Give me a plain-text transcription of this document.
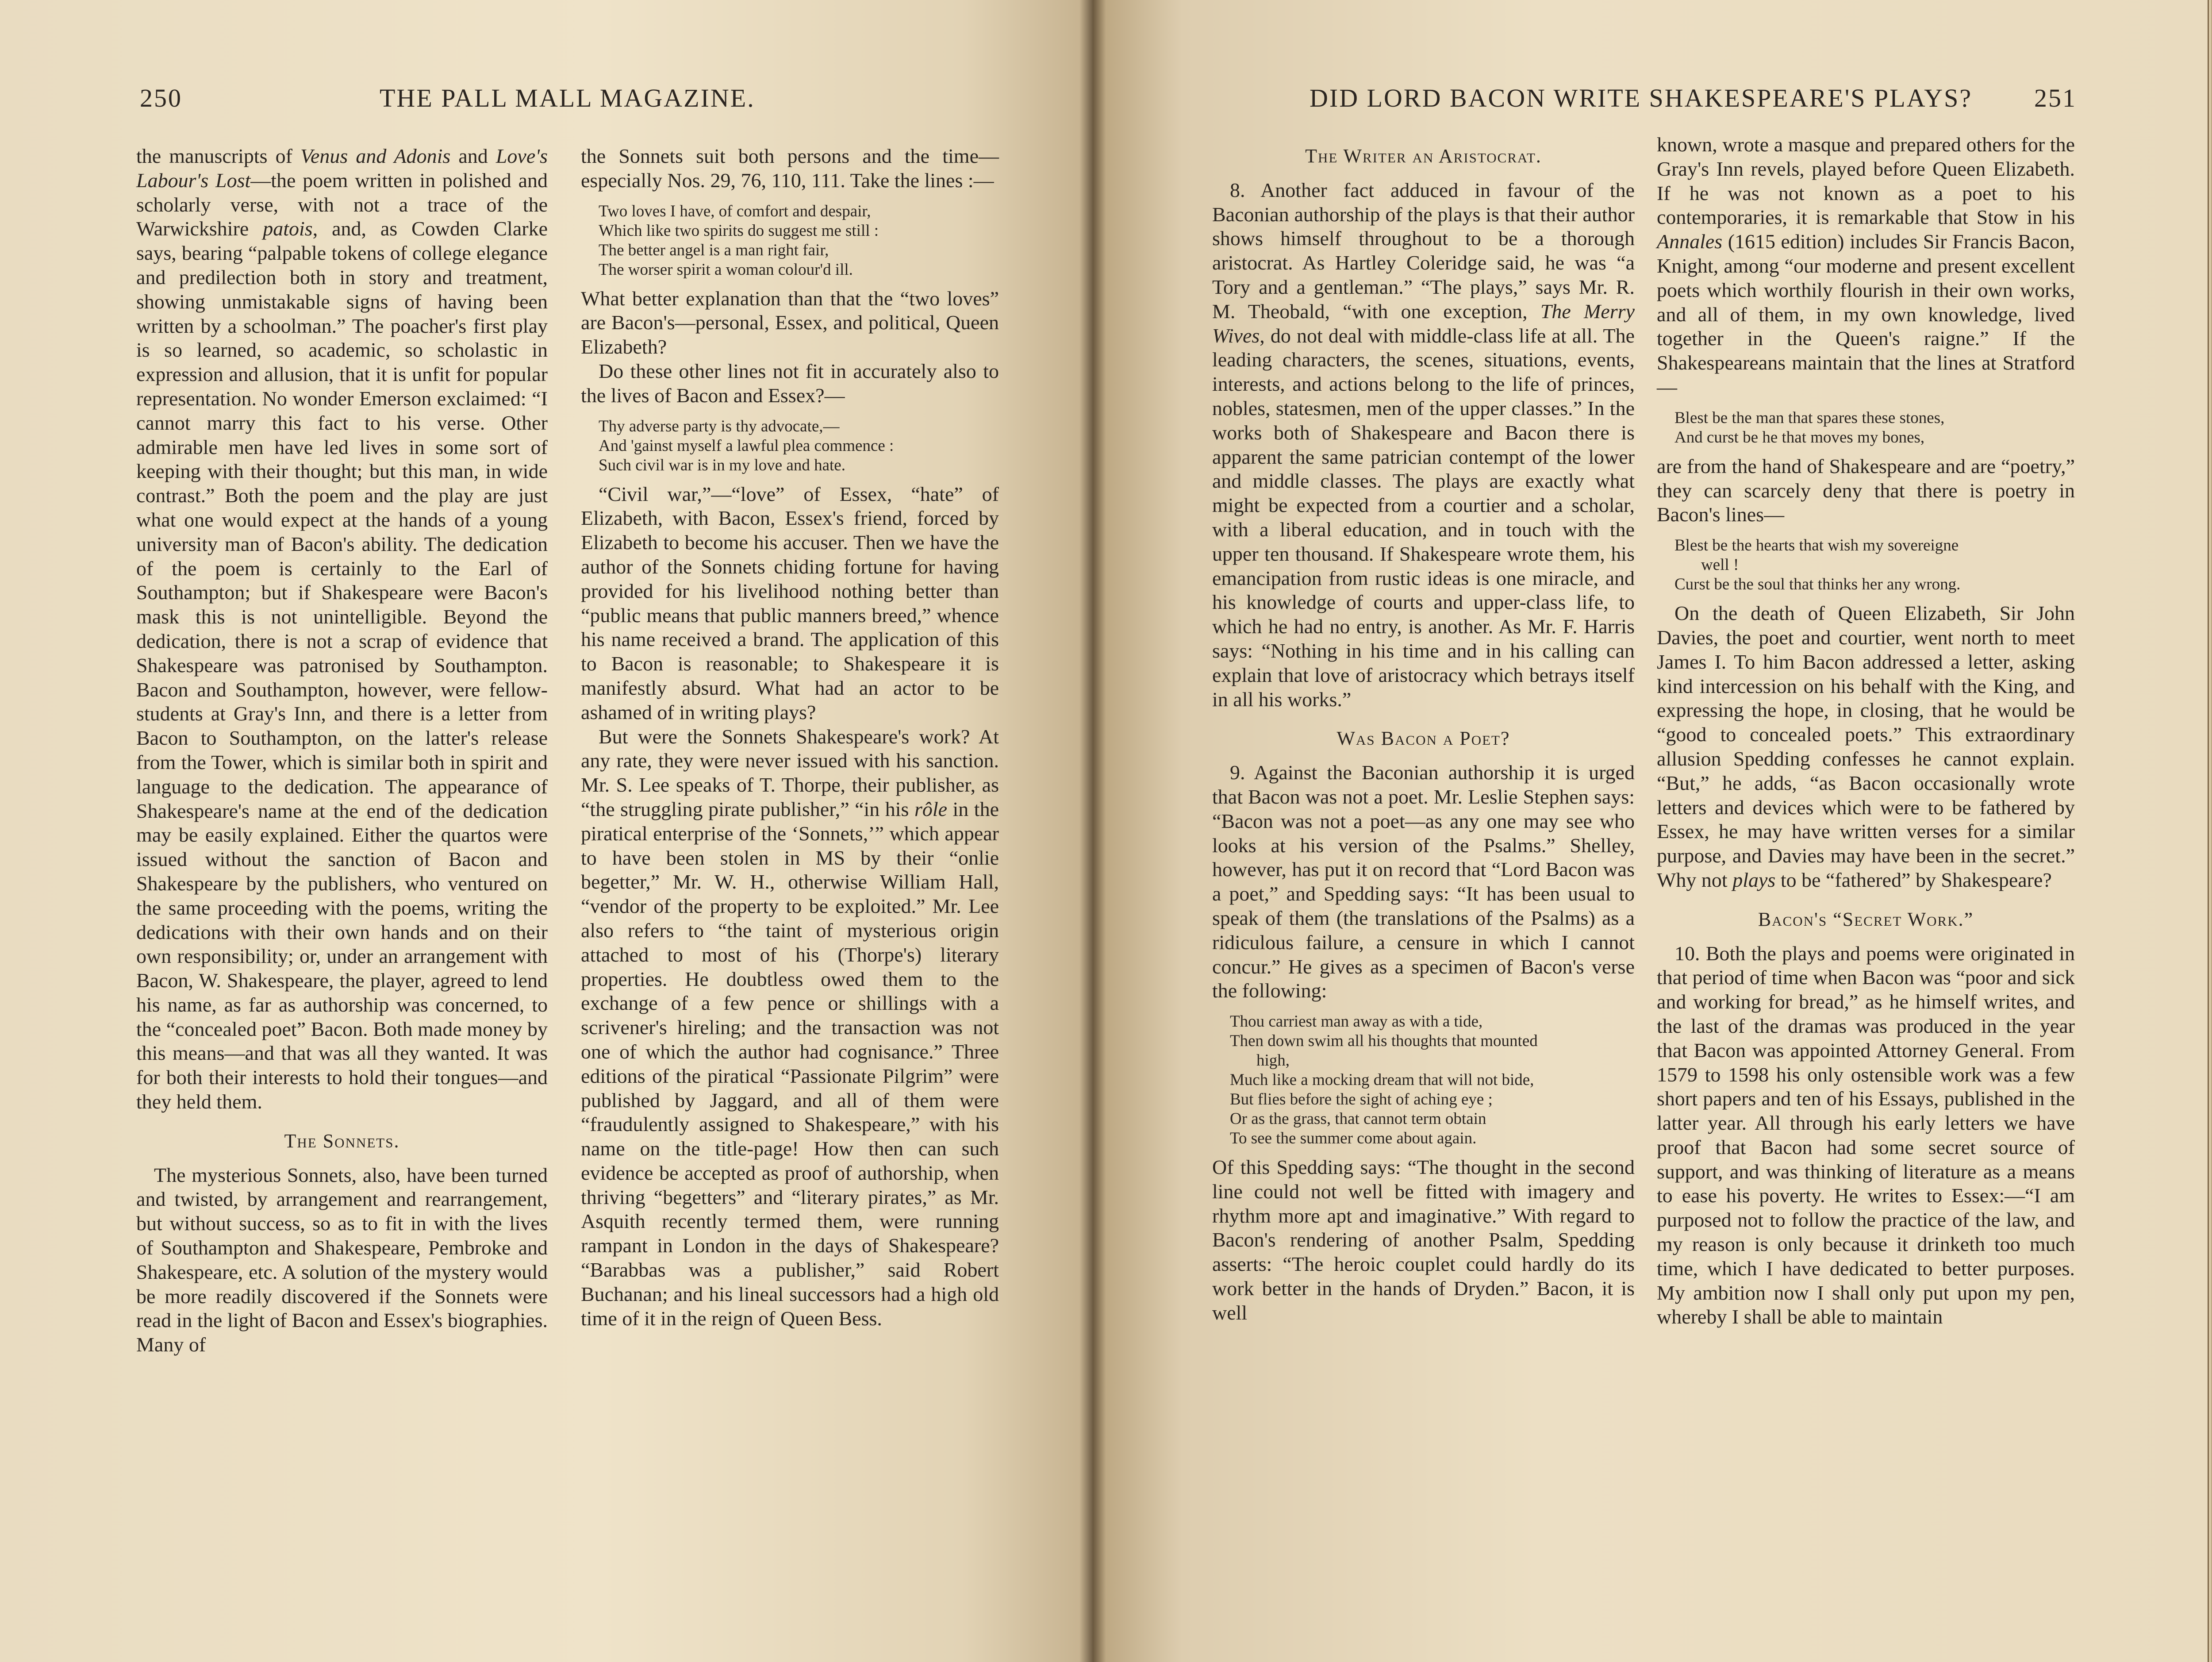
250	THE PALL MALL MAGAZINE.

the manuscripts of Venus and Adonis and Love's Labour's Lost—the poem written in polished and scholarly verse, with not a trace of the Warwickshire patois, and, as Cowden Clarke says, bearing “palpable tokens of college elegance and predilection both in story and treatment, showing unmistakable signs of having been written by a schoolman.” The poacher's first play is so learned, so academic, so scholastic in expression and allusion, that it is unfit for popular representation. No wonder Emerson exclaimed: “I cannot marry this fact to his verse. Other admirable men have led lives in some sort of keeping with their thought; but this man, in wide contrast.” Both the poem and the play are just what one would expect at the hands of a young university man of Bacon's ability. The dedication of the poem is certainly to the Earl of Southampton; but if Shakespeare were Bacon's mask this is not unintelligible. Beyond the dedication, there is not a scrap of evidence that Shakespeare was patronised by Southampton. Bacon and Southampton, however, were fellow-students at Gray's Inn, and there is a letter from Bacon to Southampton, on the latter's release from the Tower, which is similar both in spirit and language to the dedication. The appearance of Shakespeare's name at the end of the dedication may be easily explained. Either the quartos were issued without the sanction of Bacon and Shakespeare by the publishers, who ventured on the same proceeding with the poems, writing the dedications with their own hands and on their own responsibility; or, under an arrangement with Bacon, W. Shakespeare, the player, agreed to lend his name, as far as authorship was concerned, to the “concealed poet” Bacon. Both made money by this means—and that was all they wanted. It was for both their interests to hold their tongues—and they held them.

The Sonnets.

The mysterious Sonnets, also, have been turned and twisted, by arrangement and rearrangement, but without success, so as to fit in with the lives of Southampton and Shakespeare, Pembroke and Shakespeare, etc. A solution of the mystery would be more readily discovered if the Sonnets were read in the light of Bacon and Essex's biographies. Many of

the Sonnets suit both persons and the time—especially Nos. 29, 76, 110, 111. Take the lines :—

Two loves I have, of comfort and despair,
Which like two spirits do suggest me still :
The better angel is a man right fair,
The worser spirit a woman colour'd ill.

What better explanation than that the “two loves” are Bacon's—personal, Essex, and political, Queen Elizabeth?

Do these other lines not fit in accurately also to the lives of Bacon and Essex?—

Thy adverse party is thy advocate,—
And 'gainst myself a lawful plea commence :
Such civil war is in my love and hate.

“Civil war,”—“love” of Essex, “hate” of Elizabeth, with Bacon, Essex's friend, forced by Elizabeth to become his accuser. Then we have the author of the Sonnets chiding fortune for having provided for his livelihood nothing better than “public means that public manners breed,” whence his name received a brand. The application of this to Bacon is reasonable; to Shakespeare it is manifestly absurd. What had an actor to be ashamed of in writing plays?

But were the Sonnets Shakespeare's work? At any rate, they were never issued with his sanction. Mr. S. Lee speaks of T. Thorpe, their publisher, as “the struggling pirate publisher,” “in his rôle in the piratical enterprise of the ‘Sonnets,’” which appear to have been stolen in MS by their “onlie begetter,” Mr. W. H., otherwise William Hall, “vendor of the property to be exploited.” Mr. Lee also refers to “the taint of mysterious origin attached to most of his (Thorpe's) literary properties. He doubtless owed them to the exchange of a few pence or shillings with a scrivener's hireling; and the transaction was not one of which the author had cognisance.” Three editions of the piratical “Passionate Pilgrim” were published by Jaggard, and all of them were “fraudulently assigned to Shakespeare,” with his name on the title-page! How then can such evidence be accepted as proof of authorship, when thriving “begetters” and “literary pirates,” as Mr. Asquith recently termed them, were running rampant in London in the days of Shakespeare? “Barabbas was a publisher,” said Robert Buchanan; and his lineal successors had a high old time of it in the reign of Queen Bess.

DID LORD BACON WRITE SHAKESPEARE'S PLAYS? 251
The Writer an Aristocrat.

8. Another fact adduced in favour of the Baconian authorship of the plays is that their author shows himself throughout to be a thorough aristocrat. As Hartley Coleridge said, he was “a Tory and a gentleman.” “The plays,” says Mr. R. M. Theobald, “with one exception, The Merry Wives, do not deal with middle-class life at all. The leading characters, the scenes, situations, events, interests, and actions belong to the life of princes, nobles, statesmen, men of the upper classes.” In the works both of Shakespeare and Bacon there is apparent the same patrician contempt of the lower and middle classes. The plays are exactly what might be expected from a courtier and a scholar, with a liberal education, and in touch with the upper ten thousand. If Shakespeare wrote them, his emancipation from rustic ideas is one miracle, and his knowledge of courts and upper-class life, to which he had no entry, is another. As Mr. F. Harris says: “Nothing in his time and in his calling can explain that love of aristocracy which betrays itself in all his works.”

Was Bacon a Poet?

9. Against the Baconian authorship it is urged that Bacon was not a poet. Mr. Leslie Stephen says: “Bacon was not a poet—as any one may see who looks at his version of the Psalms.” Shelley, however, has put it on record that “Lord Bacon was a poet,” and Spedding says: “It has been usual to speak of them (the translations of the Psalms) as a ridiculous failure, a censure in which I cannot concur.” He gives as a specimen of Bacon's verse the following:

Thou carriest man away as with a tide,
Then down swim all his thoughts that mounted
high,
Much like a mocking dream that will not bide,
But flies before the sight of aching eye ;
Or as the grass, that cannot term obtain
To see the summer come about again.

Of this Spedding says: “The thought in the second line could not well be fitted with imagery and rhythm more apt and imaginative.” With regard to Bacon's rendering of another Psalm, Spedding asserts: “The heroic couplet could hardly do its work better in the hands of Dryden.” Bacon, it is well

known, wrote a masque and prepared others for the Gray's Inn revels, played before Queen Elizabeth. If he was not known as a poet to his contemporaries, it is remarkable that Stow in his Annales (1615 edition) includes Sir Francis Bacon, Knight, among “our moderne and present excellent poets which worthily flourish in their own works, and all of them, in my own knowledge, lived together in the Queen's raigne.” If the Shakespeareans maintain that the lines at Stratford—

Blest be the man that spares these stones,
And curst be he that moves my bones,

are from the hand of Shakespeare and are “poetry,” they can scarcely deny that there is poetry in Bacon's lines—

Blest be the hearts that wish my sovereigne
well !
Curst be the soul that thinks her any wrong.

On the death of Queen Elizabeth, Sir John Davies, the poet and courtier, went north to meet James I. To him Bacon addressed a letter, asking kind intercession on his behalf with the King, and expressing the hope, in closing, that he would be “good to concealed poets.” This extraordinary allusion Spedding confesses he cannot explain. “But,” he adds, “as Bacon occasionally wrote letters and devices which were to be fathered by Essex, he may have written verses for a similar purpose, and Davies may have been in the secret.” Why not plays to be “fathered” by Shakespeare?

Bacon's “Secret Work.”

10. Both the plays and poems were originated in that period of time when Bacon was “poor and sick and working for bread,” as he himself writes, and the last of the dramas was produced in the year that Bacon was appointed Attorney General. From 1579 to 1598 his only ostensible work was a few short papers and ten of his Essays, published in the latter year. All through his early letters we have proof that Bacon had some secret source of support, and was thinking of literature as a means to ease his poverty. He writes to Essex:—“I am purposed not to follow the practice of the law, and my reason is only because it drinketh too much time, which I have dedicated to better purposes. My ambition now I shall only put upon my pen, whereby I shall be able to maintain
